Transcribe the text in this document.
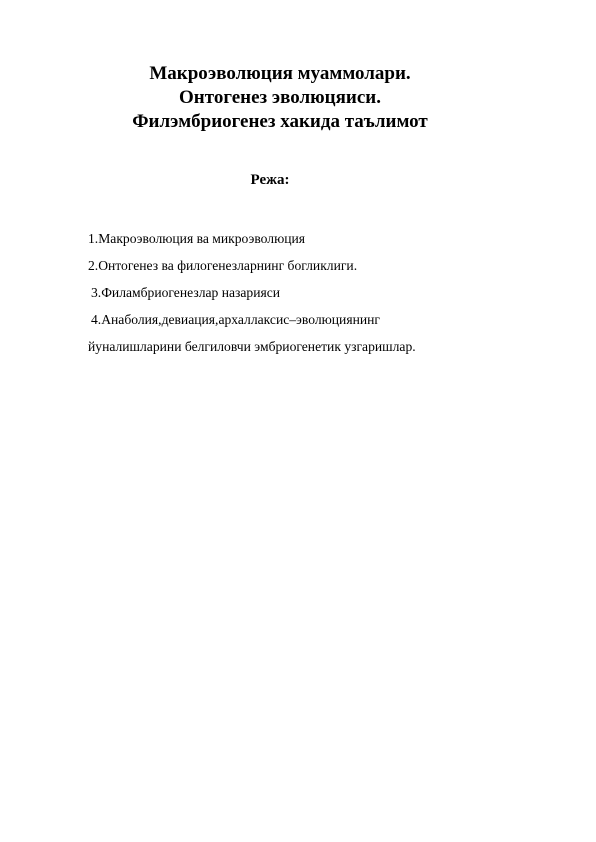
Макроэволюция муаммолари.
Онтогенез эволюцяиси.
Филэмбриогенез хакида таълимот
Режа:
1.Макроэволюция ва микроэволюция
2.Онтогенез ва филогенезларнинг богликлиги.
3.Филамбриогенезлар назарияси
4.Анаболия,девиация,архаллаксис–эволюциянинг
йуналишларини белгиловчи эмбриогенетик узгаришлар.
